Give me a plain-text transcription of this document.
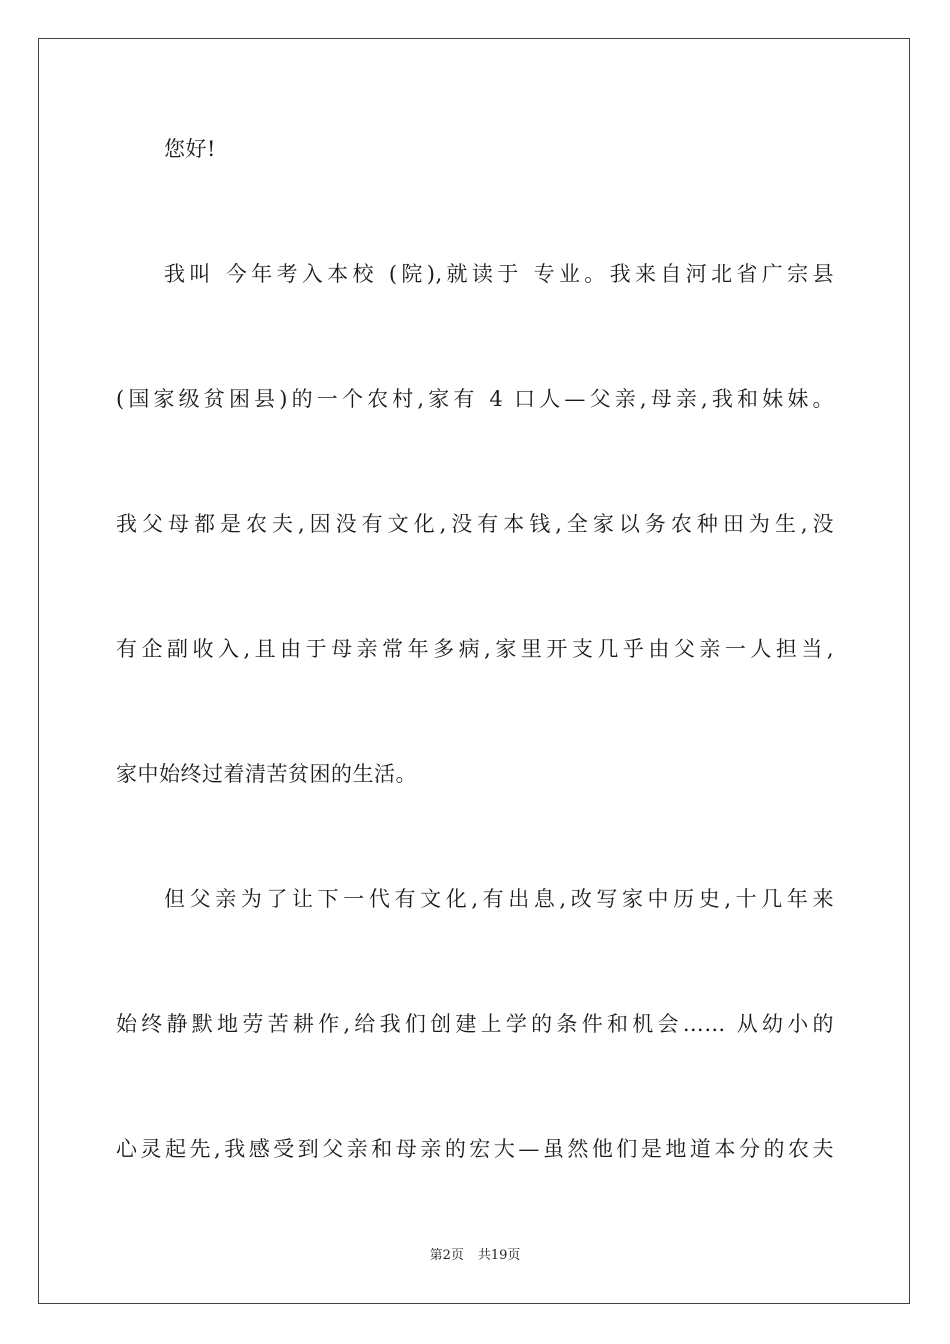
您好!
我叫 今年考入本校 (院),就读于 专业。我来自河北省广宗县
(国家级贫困县)的一个农村,家有 4 口人—父亲,母亲,我和妹妹。
我父母都是农夫,因没有文化,没有本钱,全家以务农种田为生,没
有企副收入,且由于母亲常年多病,家里开支几乎由父亲一人担当,
家中始终过着清苦贫困的生活。
但父亲为了让下一代有文化,有出息,改写家中历史,十几年来
始终静默地劳苦耕作,给我们创建上学的条件和机会…… 从幼小的
心灵起先,我感受到父亲和母亲的宏大—虽然他们是地道本分的农夫
第2页 共19页
